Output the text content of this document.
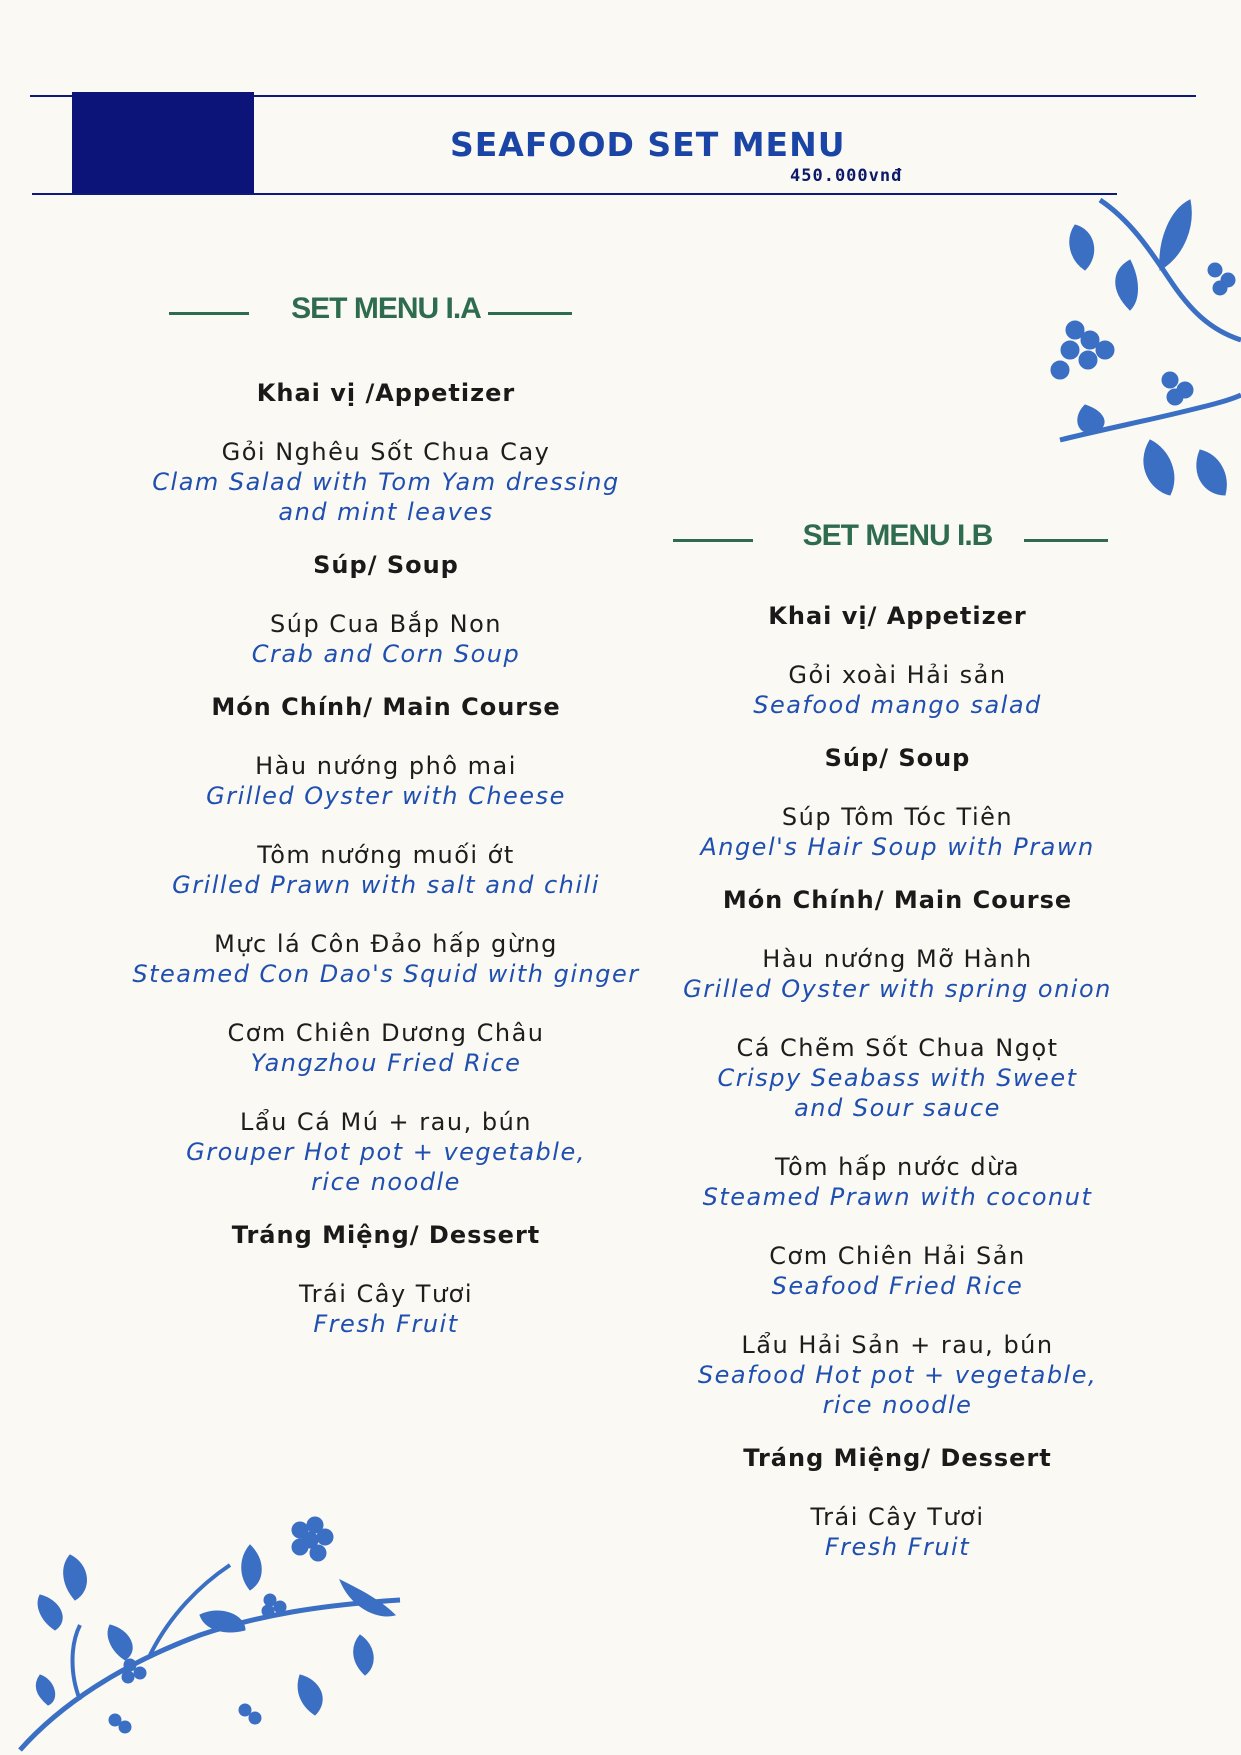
SEAFOOD SET MENU
450.000vnđ
SET MENU I.A
Khai vị /Appetizer
Gỏi Nghêu Sốt Chua Cay
Clam Salad with Tom Yam dressing
and mint leaves
Súp/ Soup
Súp Cua Bắp Non
Crab and Corn Soup
Món Chính/ Main Course
Hàu nướng phô mai
Grilled Oyster with Cheese
Tôm nướng muối ớt
Grilled Prawn with salt and chili
Mực lá Côn Đảo hấp gừng
Steamed Con Dao's Squid with ginger
Cơm Chiên Dương Châu
Yangzhou Fried Rice
Lẩu Cá Mú + rau, bún
Grouper Hot pot + vegetable,
rice noodle
Tráng Miệng/ Dessert
Trái Cây Tươi
Fresh Fruit
SET MENU I.B
Khai vị/ Appetizer
Gỏi xoài Hải sản
Seafood mango salad
Súp/ Soup
Súp Tôm Tóc Tiên
Angel's Hair Soup with Prawn
Món Chính/ Main Course
Hàu nướng Mỡ Hành
Grilled Oyster with spring onion
Cá Chẽm Sốt Chua Ngọt
Crispy Seabass with Sweet
and Sour sauce
Tôm hấp nước dừa
Steamed Prawn with coconut
Cơm Chiên Hải Sản
Seafood Fried Rice
Lẩu Hải Sản + rau, bún
Seafood Hot pot + vegetable,
rice noodle
Tráng Miệng/ Dessert
Trái Cây Tươi
Fresh Fruit
